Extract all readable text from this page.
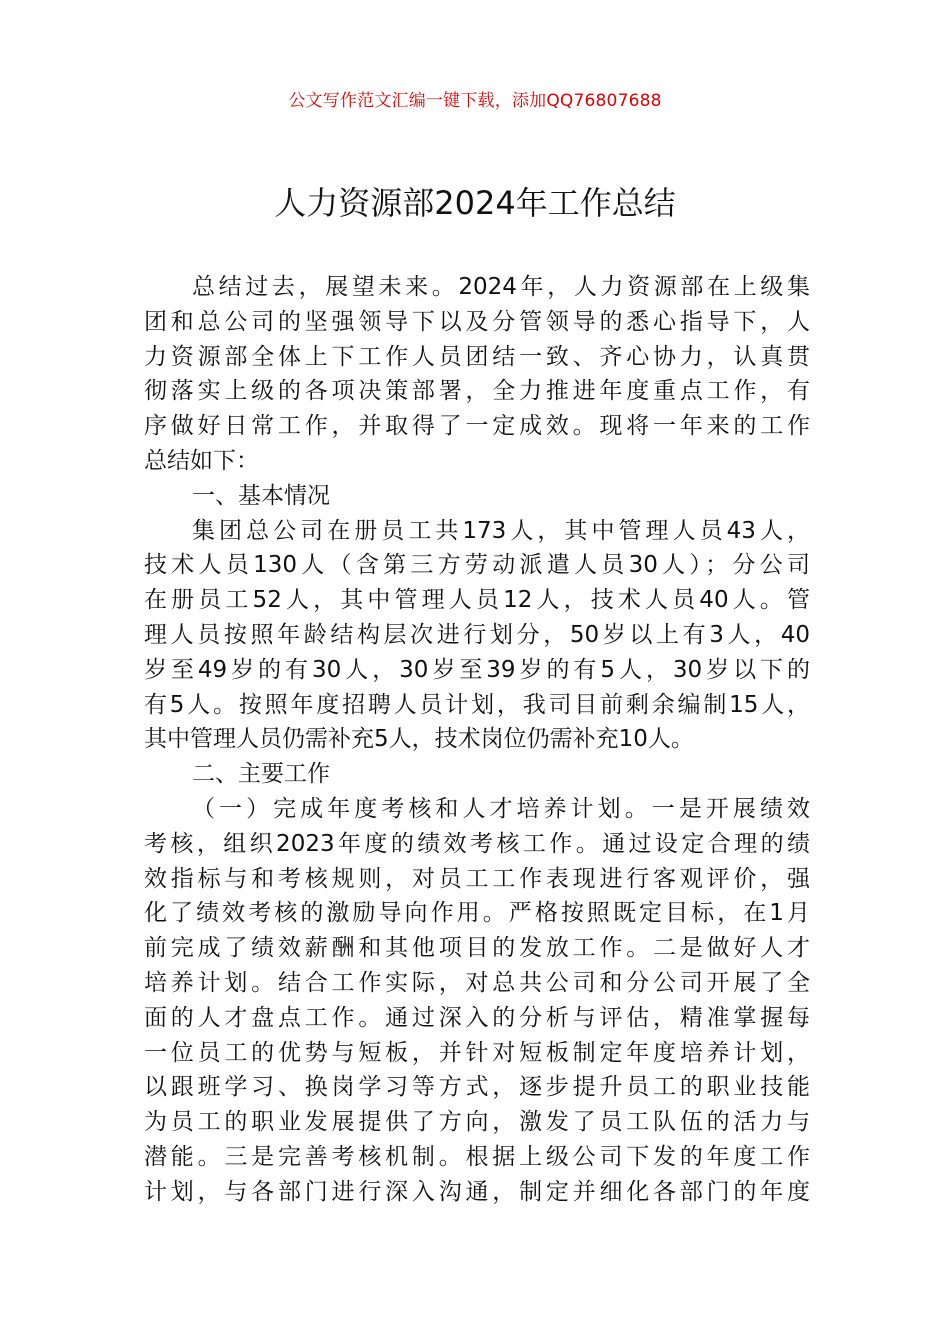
公文写作范文汇编一键下载，添加QQ76807688
人力资源部2024年工作总结
总结过去，展望未来。2024年，人力资源部在上级集
团和总公司的坚强领导下以及分管领导的悉心指导下，人
力资源部全体上下工作人员团结一致、齐心协力，认真贯
彻落实上级的各项决策部署，全力推进年度重点工作，有
序做好日常工作，并取得了一定成效。现将一年来的工作
总结如下：
一、基本情况
集团总公司在册员工共173人，其中管理人员43人，
技术人员130人（含第三方劳动派遣人员30人）；分公司
在册员工52人，其中管理人员12人，技术人员40人。管
理人员按照年龄结构层次进行划分，50岁以上有3人，40
岁至49岁的有30人，30岁至39岁的有5人，30岁以下的
有5人。按照年度招聘人员计划，我司目前剩余编制15人，
其中管理人员仍需补充5人，技术岗位仍需补充10人。
二、主要工作
（一）完成年度考核和人才培养计划。一是开展绩效
考核，组织2023年度的绩效考核工作。通过设定合理的绩
效指标与和考核规则，对员工工作表现进行客观评价，强
化了绩效考核的激励导向作用。严格按照既定目标，在1月
前完成了绩效薪酬和其他项目的发放工作。二是做好人才
培养计划。结合工作实际，对总共公司和分公司开展了全
面的人才盘点工作。通过深入的分析与评估，精准掌握每
一位员工的优势与短板，并针对短板制定年度培养计划，
以跟班学习、换岗学习等方式，逐步提升员工的职业技能
为员工的职业发展提供了方向，激发了员工队伍的活力与
潜能。三是完善考核机制。根据上级公司下发的年度工作
计划，与各部门进行深入沟通，制定并细化各部门的年度
